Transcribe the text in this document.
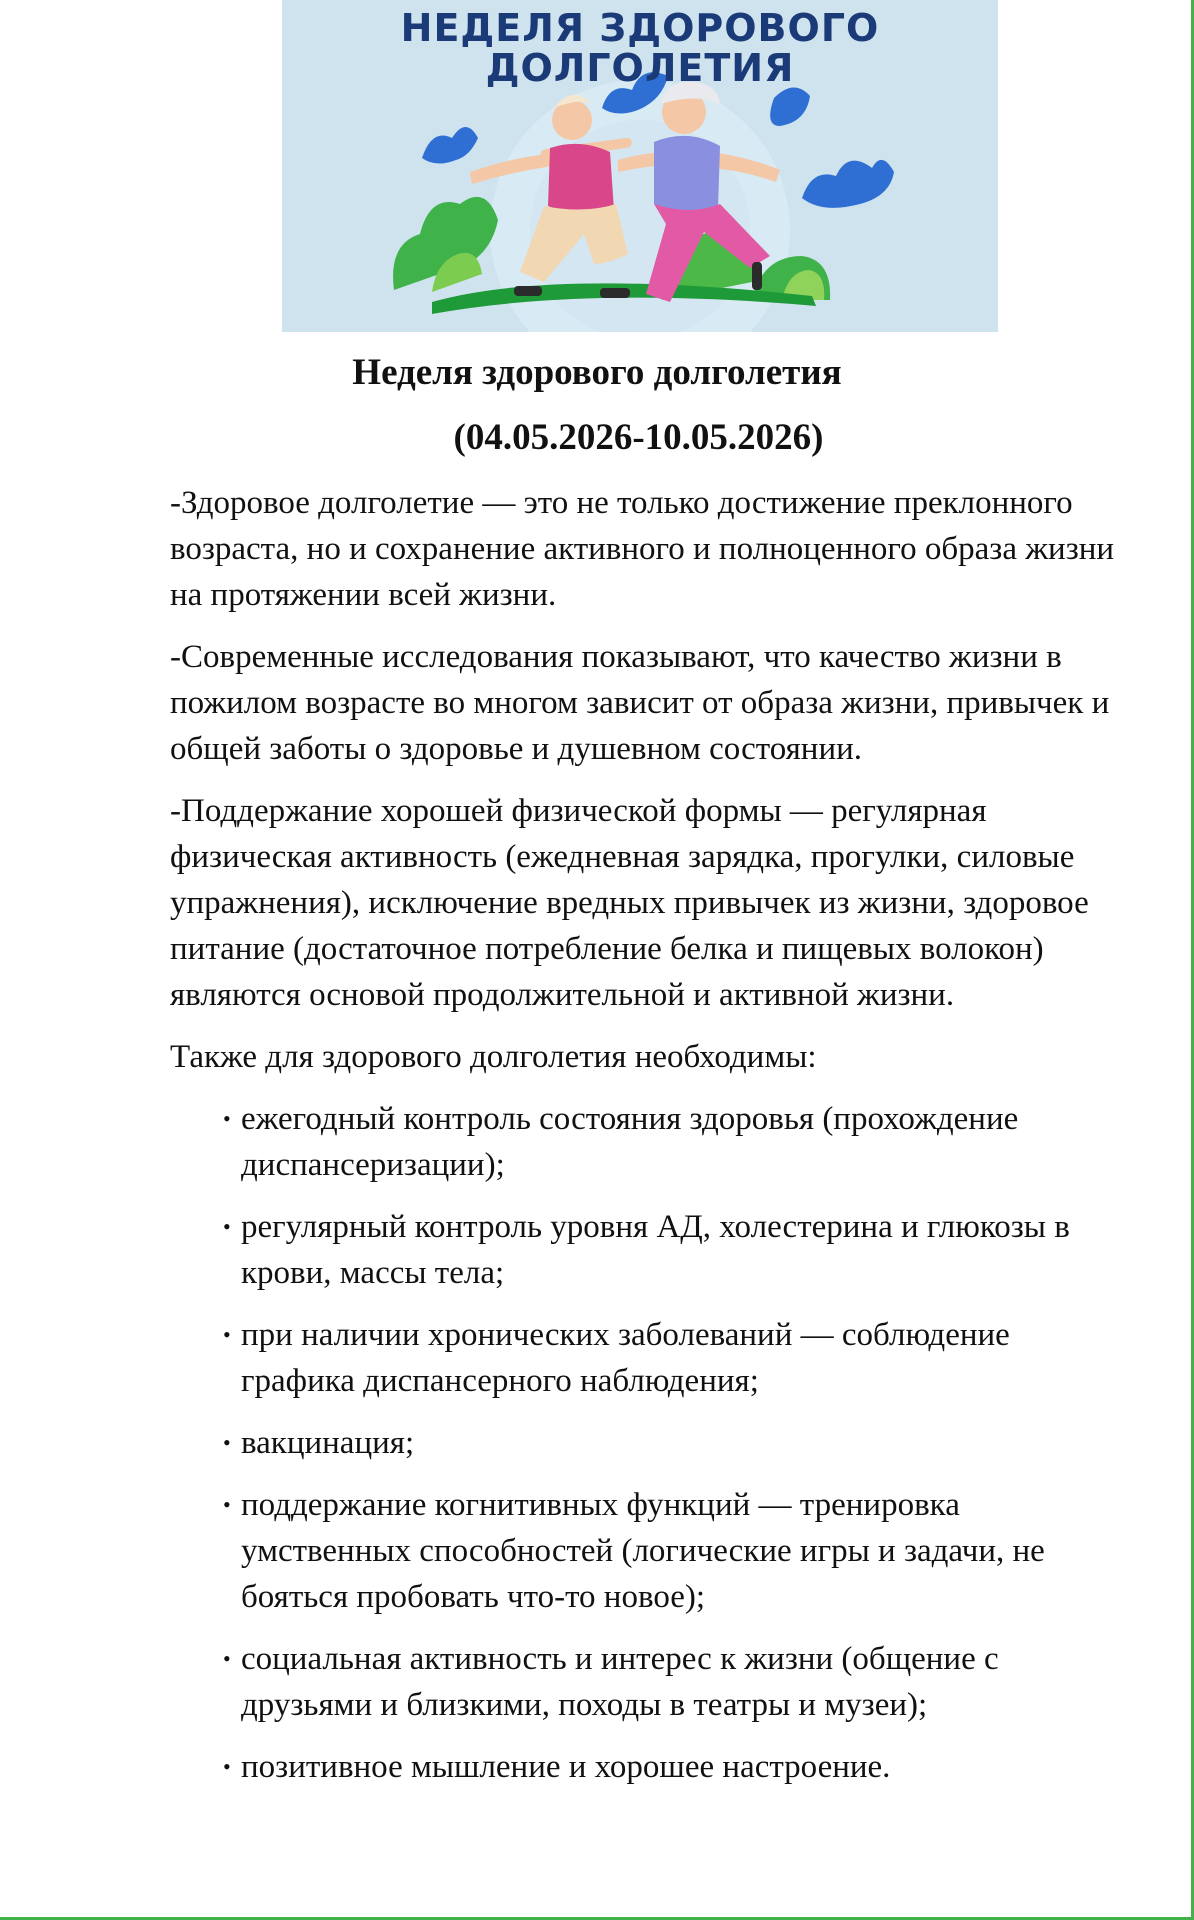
НЕДЕЛЯ ЗДОРОВОГО
ДОЛГОЛЕТИЯ
Неделя здорового долголетия
(04.05.2026-10.05.2026)

-Здоровое долголетие — это не только достижение преклонного возраста, но и сохранение активного и полноценного образа жизни на протяжении всей жизни.

-Современные исследования показывают, что качество жизни в пожилом возрасте во многом зависит от образа жизни, привычек и общей заботы о здоровье и душевном состоянии.

-Поддержание хорошей физической формы — регулярная физическая активность (ежедневная зарядка, прогулки, силовые упражнения), исключение вредных привычек из жизни, здоровое питание (достаточное потребление белка и пищевых волокон) являются основой продолжительной и активной жизни.

Также для здорового долголетия необходимы:

• ежегодный контроль состояния здоровья (прохождение диспансеризации);
• регулярный контроль уровня АД, холестерина и глюкозы в крови, массы тела;
• при наличии хронических заболеваний — соблюдение графика диспансерного наблюдения;
• вакцинация;
• поддержание когнитивных функций — тренировка умственных способностей (логические игры и задачи, не бояться пробовать что-то новое);
• социальная активность и интерес к жизни (общение с друзьями и близкими, походы в театры и музеи);
• позитивное мышление и хорошее настроение.
